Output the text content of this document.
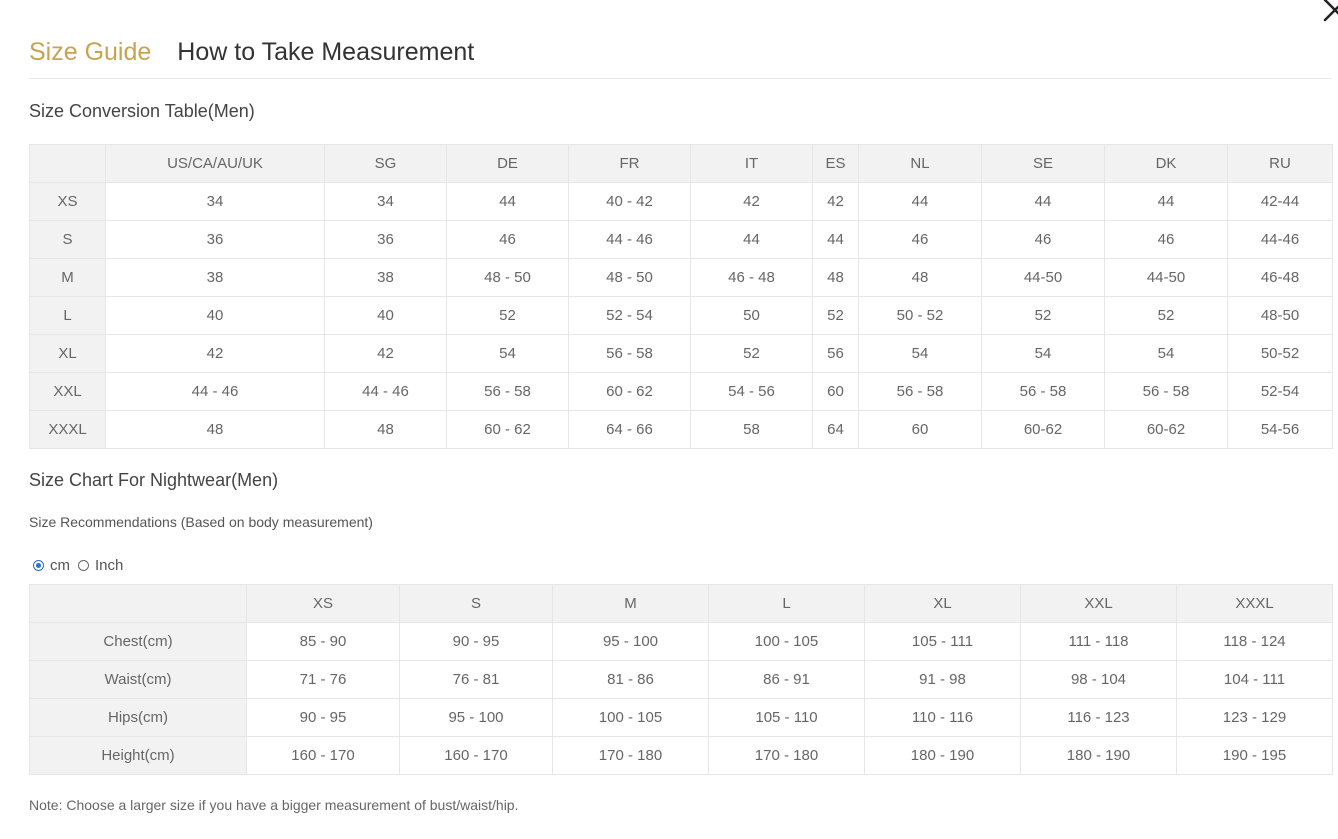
Size Guide How to Take Measurement
Size Conversion Table(Men)
	US/CA/AU/UK	SG	DE	FR	IT	ES	NL	SE	DK	RU
XS	34	34	44	40 - 42	42	42	44	44	44	42-44
S	36	36	46	44 - 46	44	44	46	46	46	44-46
M	38	38	48 - 50	48 - 50	46 - 48	48	48	44-50	44-50	46-48
L	40	40	52	52 - 54	50	52	50 - 52	52	52	48-50
XL	42	42	54	56 - 58	52	56	54	54	54	50-52
XXL	44 - 46	44 - 46	56 - 58	60 - 62	54 - 56	60	56 - 58	56 - 58	56 - 58	52-54
XXXL	48	48	60 - 62	64 - 66	58	64	60	60-62	60-62	54-56
Size Chart For Nightwear(Men)
Size Recommendations (Based on body measurement)
cm Inch
	XS	S	M	L	XL	XXL	XXXL
Chest(cm)	85 - 90	90 - 95	95 - 100	100 - 105	105 - 111	111 - 118	118 - 124
Waist(cm)	71 - 76	76 - 81	81 - 86	86 - 91	91 - 98	98 - 104	104 - 111
Hips(cm)	90 - 95	95 - 100	100 - 105	105 - 110	110 - 116	116 - 123	123 - 129
Height(cm)	160 - 170	160 - 170	170 - 180	170 - 180	180 - 190	180 - 190	190 - 195
Note: Choose a larger size if you have a bigger measurement of bust/waist/hip.
